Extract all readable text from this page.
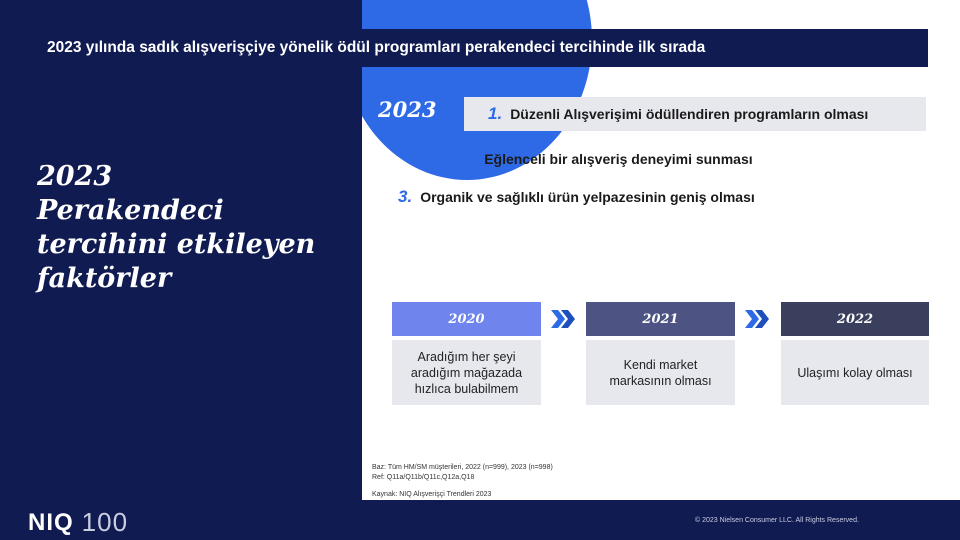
2023
Perakendeci
tercihini etkileyen
faktörler
2023	1. Düzenli Alışverişimi ödüllendiren programların olması
2. Eğlenceli bir alışveriş deneyimi sunması
3. Organik ve sağlıklı ürün yelpazesinin geniş olması
2020
Aradığım her şeyi aradığım mağazada hızlıca bulabilmem
2021
Kendi market markasının olması
2022
Ulaşımı kolay olması
Baz: Tüm HM/SM müşterileri, 2022 (n=999), 2023 (n=998)
Ref: Q11a/Q11b/Q11c,Q12a,Q18
Kaynak: NIQ Alışverişçi Trendleri 2023
2023 yılında sadık alışverişçiye yönelik ödül programları perakendeci tercihinde ilk sırada
NIQ 100	© 2023 Nielsen Consumer LLC. All Rights Reserved.
